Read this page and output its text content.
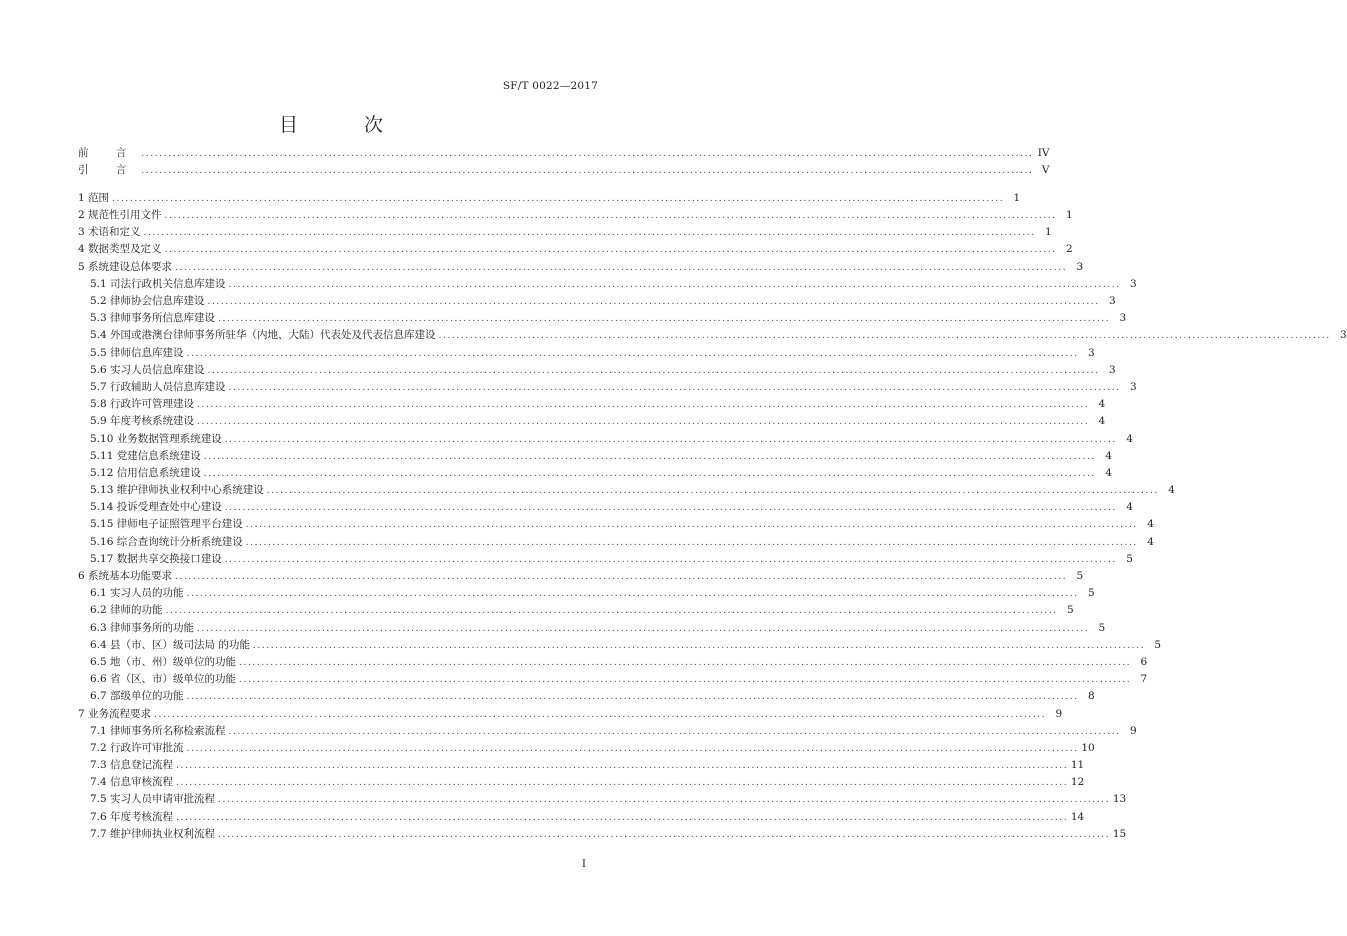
SF/T 0022—2017
目 次
前 言 ........................................................................................................................................................................................................ IV
引 言 ........................................................................................................................................................................................................ V
1 范围 ........................................................................................................................................................................................................ 1
2 规范性引用文件 ........................................................................................................................................................................................................ 1
3 术语和定义 ........................................................................................................................................................................................................ 1
4 数据类型及定义 ........................................................................................................................................................................................................ 2
5 系统建设总体要求 ........................................................................................................................................................................................................ 3
5.1 司法行政机关信息库建设 ........................................................................................................................................................................................................ 3
5.2 律师协会信息库建设 ........................................................................................................................................................................................................ 3
5.3 律师事务所信息库建设 ........................................................................................................................................................................................................ 3
5.4 外国或港澳台律师事务所驻华（内地、大陆）代表处及代表信息库建设 ........................................................................................................................................................................................................ 3
5.5 律师信息库建设 ........................................................................................................................................................................................................ 3
5.6 实习人员信息库建设 ........................................................................................................................................................................................................ 3
5.7 行政辅助人员信息库建设 ........................................................................................................................................................................................................ 3
5.8 行政许可管理建设 ........................................................................................................................................................................................................ 4
5.9 年度考核系统建设 ........................................................................................................................................................................................................ 4
5.10 业务数据管理系统建设 ........................................................................................................................................................................................................ 4
5.11 党建信息系统建设 ........................................................................................................................................................................................................ 4
5.12 信用信息系统建设 ........................................................................................................................................................................................................ 4
5.13 维护律师执业权利中心系统建设 ........................................................................................................................................................................................................ 4
5.14 投诉受理查处中心建设 ........................................................................................................................................................................................................ 4
5.15 律师电子证照管理平台建设 ........................................................................................................................................................................................................ 4
5.16 综合查询统计分析系统建设 ........................................................................................................................................................................................................ 4
5.17 数据共享交换接口建设 ........................................................................................................................................................................................................ 5
6 系统基本功能要求 ........................................................................................................................................................................................................ 5
6.1 实习人员的功能 ........................................................................................................................................................................................................ 5
6.2 律师的功能 ........................................................................................................................................................................................................ 5
6.3 律师事务所的功能 ........................................................................................................................................................................................................ 5
6.4 县（市、区）级司法局 的功能 ........................................................................................................................................................................................................ 5
6.5 地（市、州）级单位的功能 ........................................................................................................................................................................................................ 6
6.6 省（区、市）级单位的功能 ........................................................................................................................................................................................................ 7
6.7 部级单位的功能 ........................................................................................................................................................................................................ 8
7 业务流程要求 ........................................................................................................................................................................................................ 9
7.1 律师事务所名称检索流程 ........................................................................................................................................................................................................ 9
7.2 行政许可审批流 ........................................................................................................................................................................................................ 10
7.3 信息登记流程 ........................................................................................................................................................................................................ 11
7.4 信息审核流程 ........................................................................................................................................................................................................ 12
7.5 实习人员申请审批流程 ........................................................................................................................................................................................................ 13
7.6 年度考核流程 ........................................................................................................................................................................................................ 14
7.7 维护律师执业权利流程 ........................................................................................................................................................................................................ 15
I
